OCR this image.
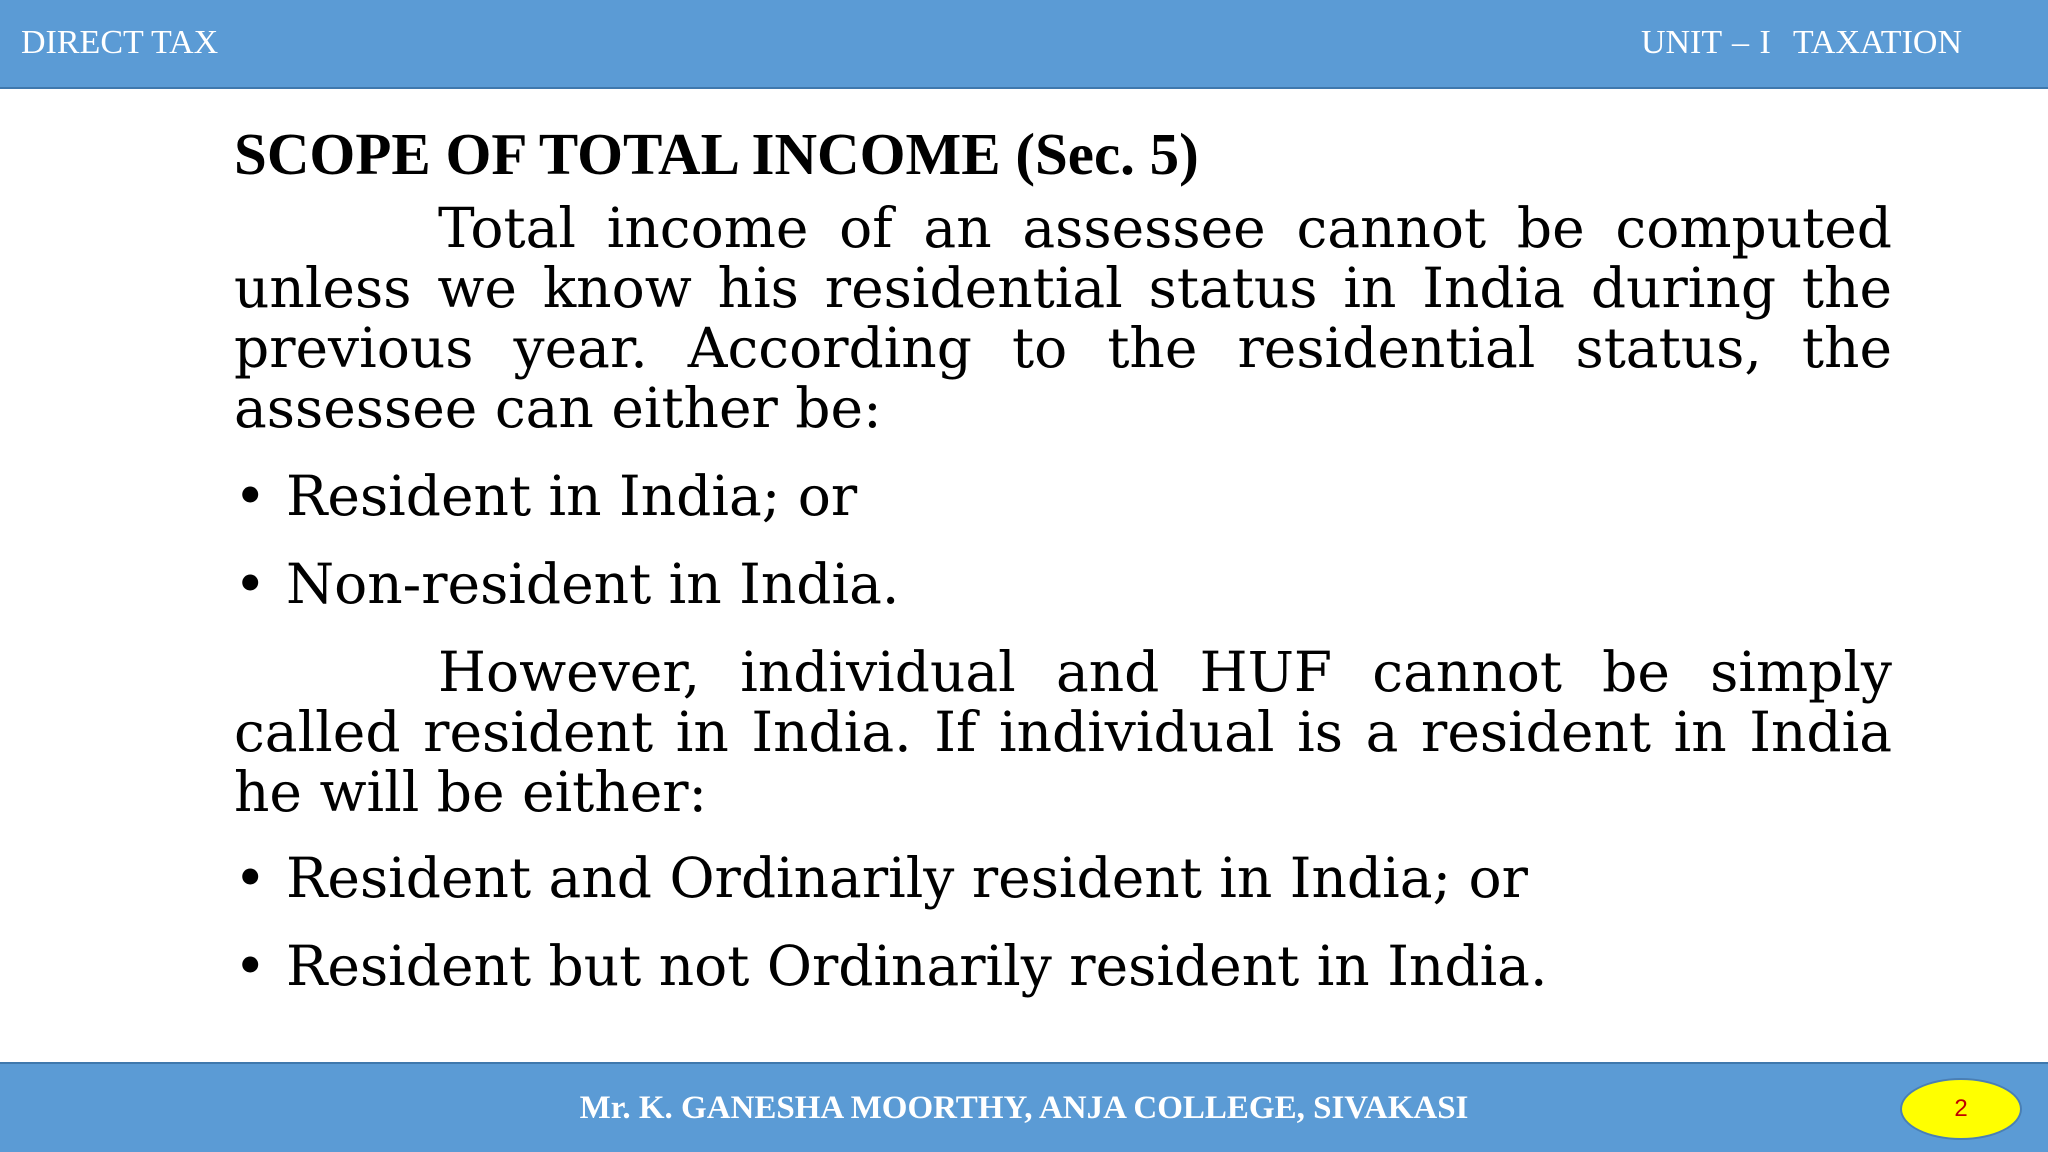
DIRECT TAX	UNIT – I TAXATION
SCOPE OF TOTAL INCOME (Sec. 5)

Total income of an assessee cannot be computed unless we know his residential status in India during the previous year. According to the residential status, the assessee can either be:

• Resident in India; or
• Non-resident in India.

However, individual and HUF cannot be simply called resident in India. If individual is a resident in India he will be either:

• Resident and Ordinarily resident in India; or
• Resident but not Ordinarily resident in India.
Mr. K. GANESHA MOORTHY, ANJA COLLEGE, SIVAKASI	2
